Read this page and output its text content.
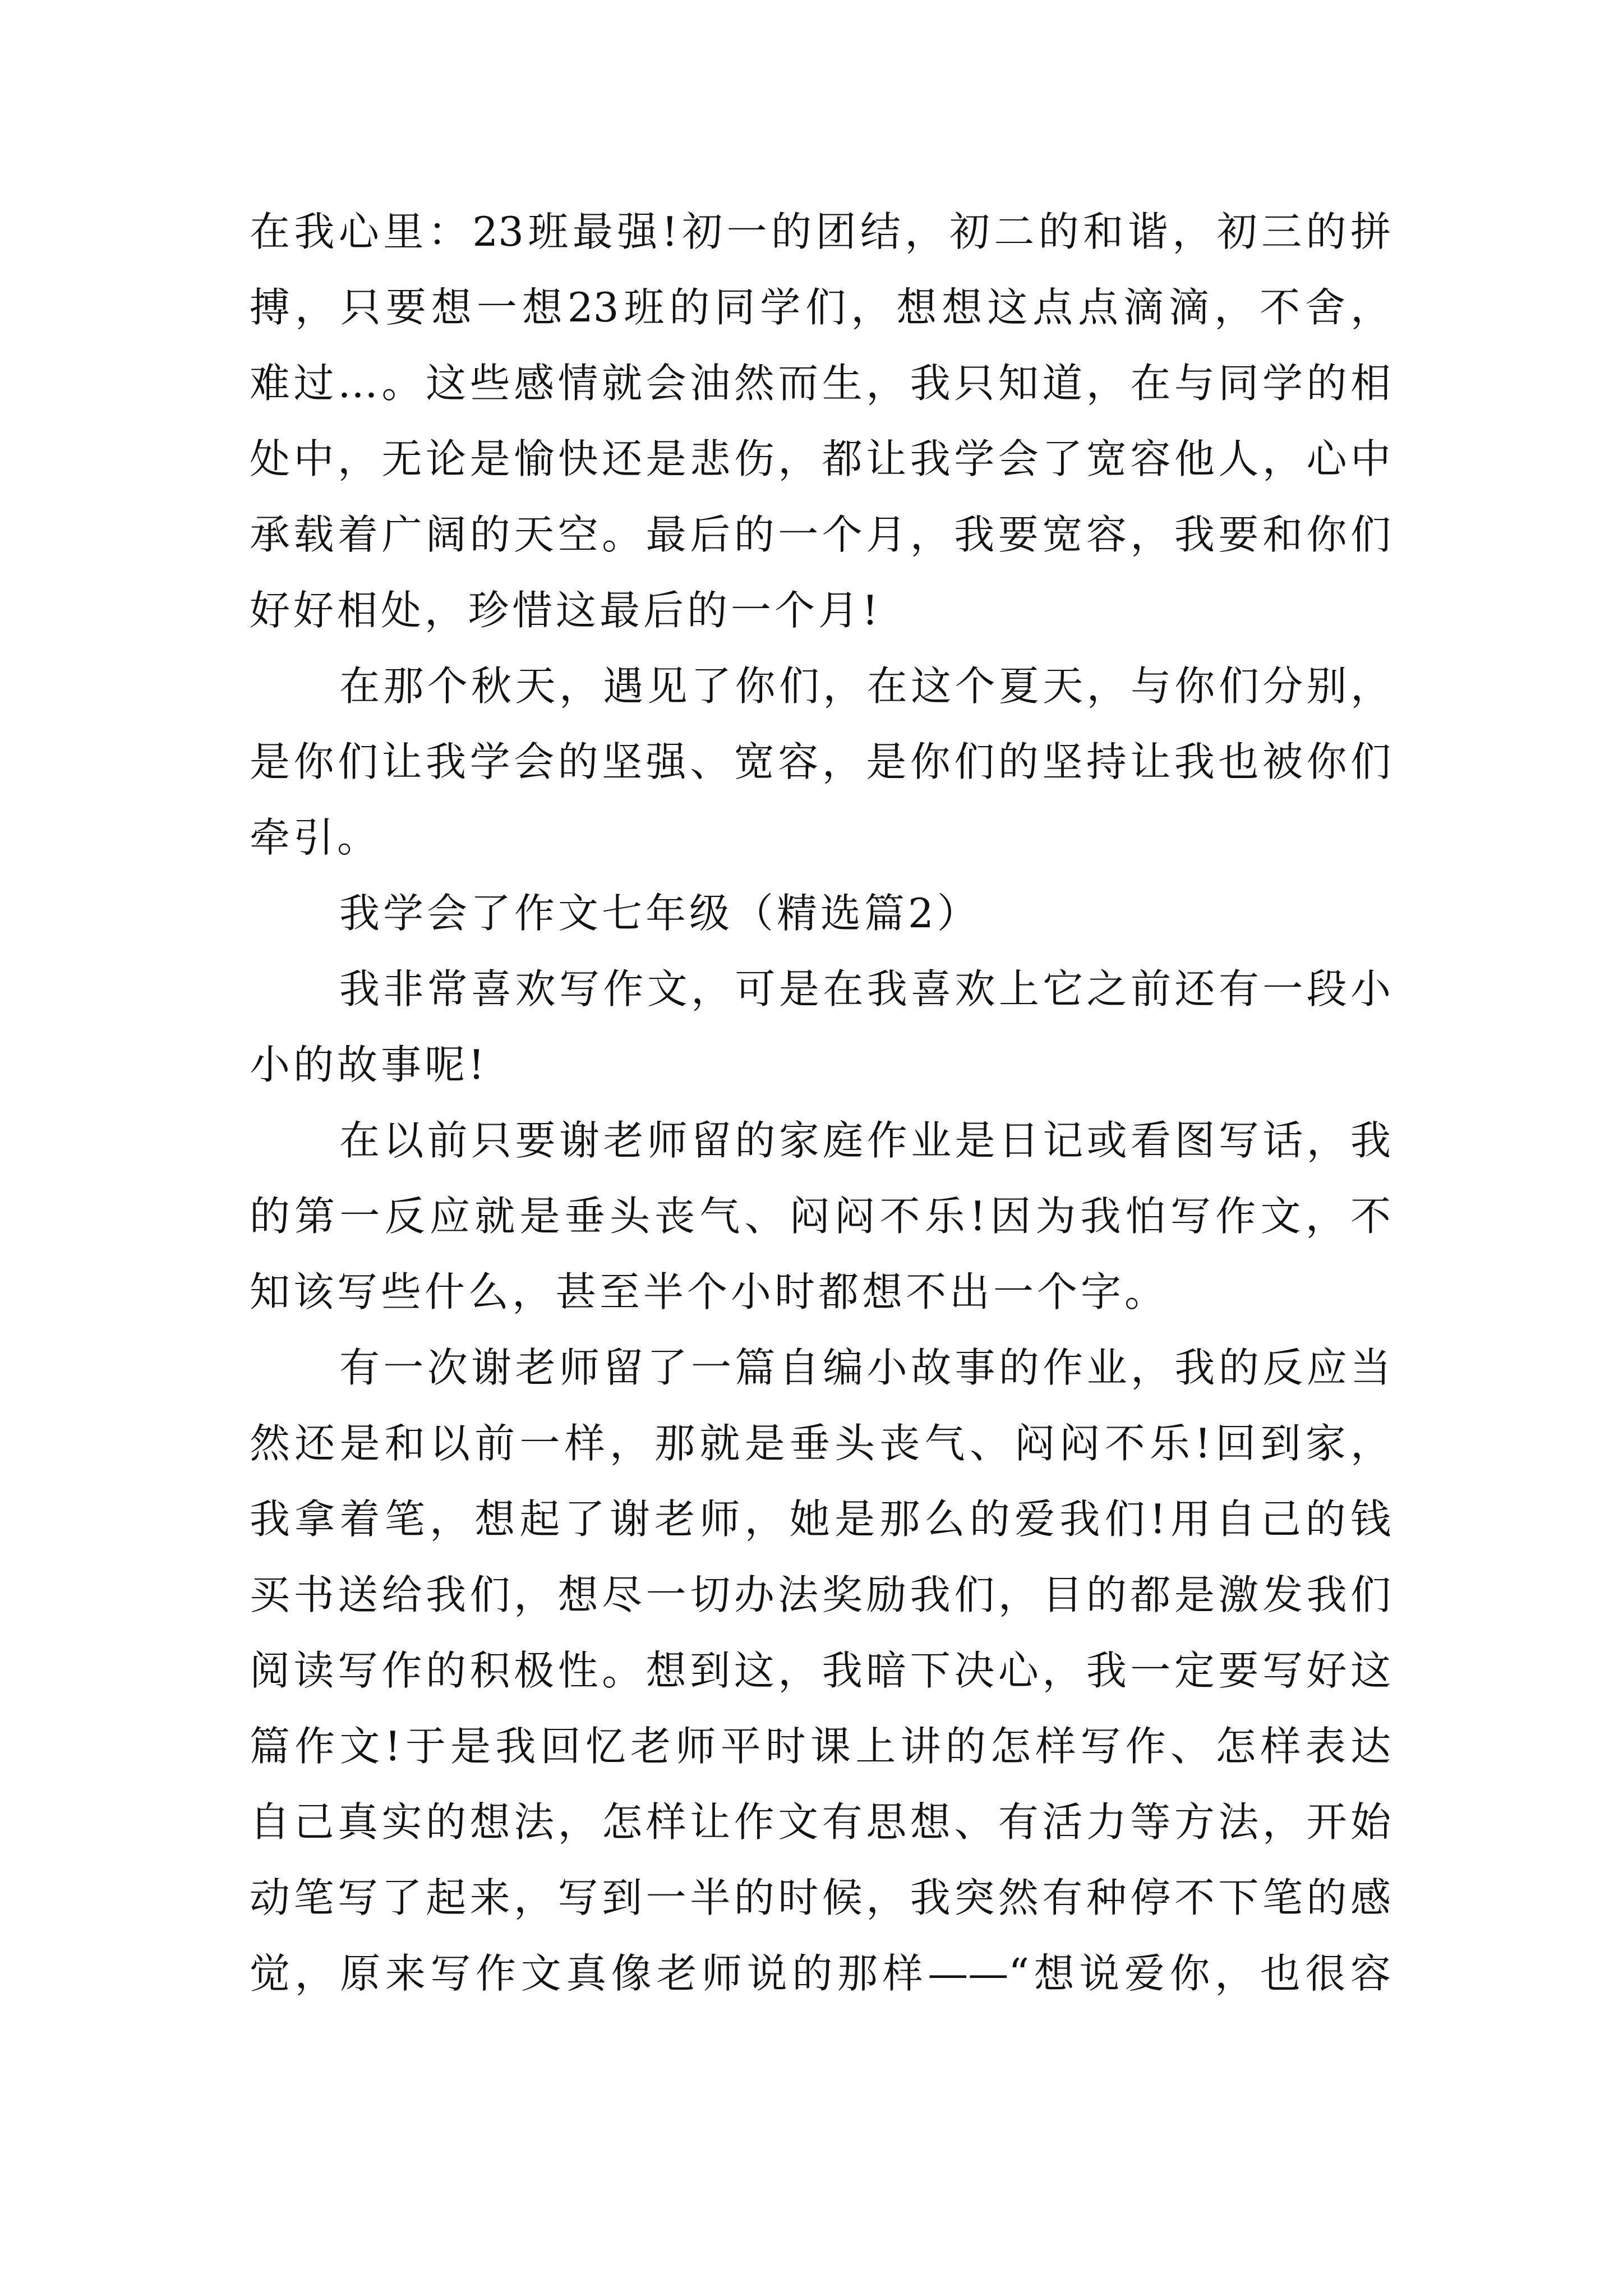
在我心里：23班最强!初一的团结，初二的和谐，初三的拼
搏，只要想一想23班的同学们，想想这点点滴滴，不舍，
难过…。这些感情就会油然而生，我只知道，在与同学的相
处中，无论是愉快还是悲伤，都让我学会了宽容他人，心中
承载着广阔的天空。最后的一个月，我要宽容，我要和你们
好好相处，珍惜这最后的一个月!
在那个秋天，遇见了你们，在这个夏天，与你们分别，
是你们让我学会的坚强、宽容，是你们的坚持让我也被你们
牵引。
我学会了作文七年级（精选篇2）
我非常喜欢写作文，可是在我喜欢上它之前还有一段小
小的故事呢!
在以前只要谢老师留的家庭作业是日记或看图写话，我
的第一反应就是垂头丧气、闷闷不乐!因为我怕写作文，不
知该写些什么，甚至半个小时都想不出一个字。
有一次谢老师留了一篇自编小故事的作业，我的反应当
然还是和以前一样，那就是垂头丧气、闷闷不乐!回到家，
我拿着笔，想起了谢老师，她是那么的爱我们!用自己的钱
买书送给我们，想尽一切办法奖励我们，目的都是激发我们
阅读写作的积极性。想到这，我暗下决心，我一定要写好这
篇作文!于是我回忆老师平时课上讲的怎样写作、怎样表达
自己真实的想法，怎样让作文有思想、有活力等方法，开始
动笔写了起来，写到一半的时候，我突然有种停不下笔的感
觉，原来写作文真像老师说的那样——“想说爱你，也很容
